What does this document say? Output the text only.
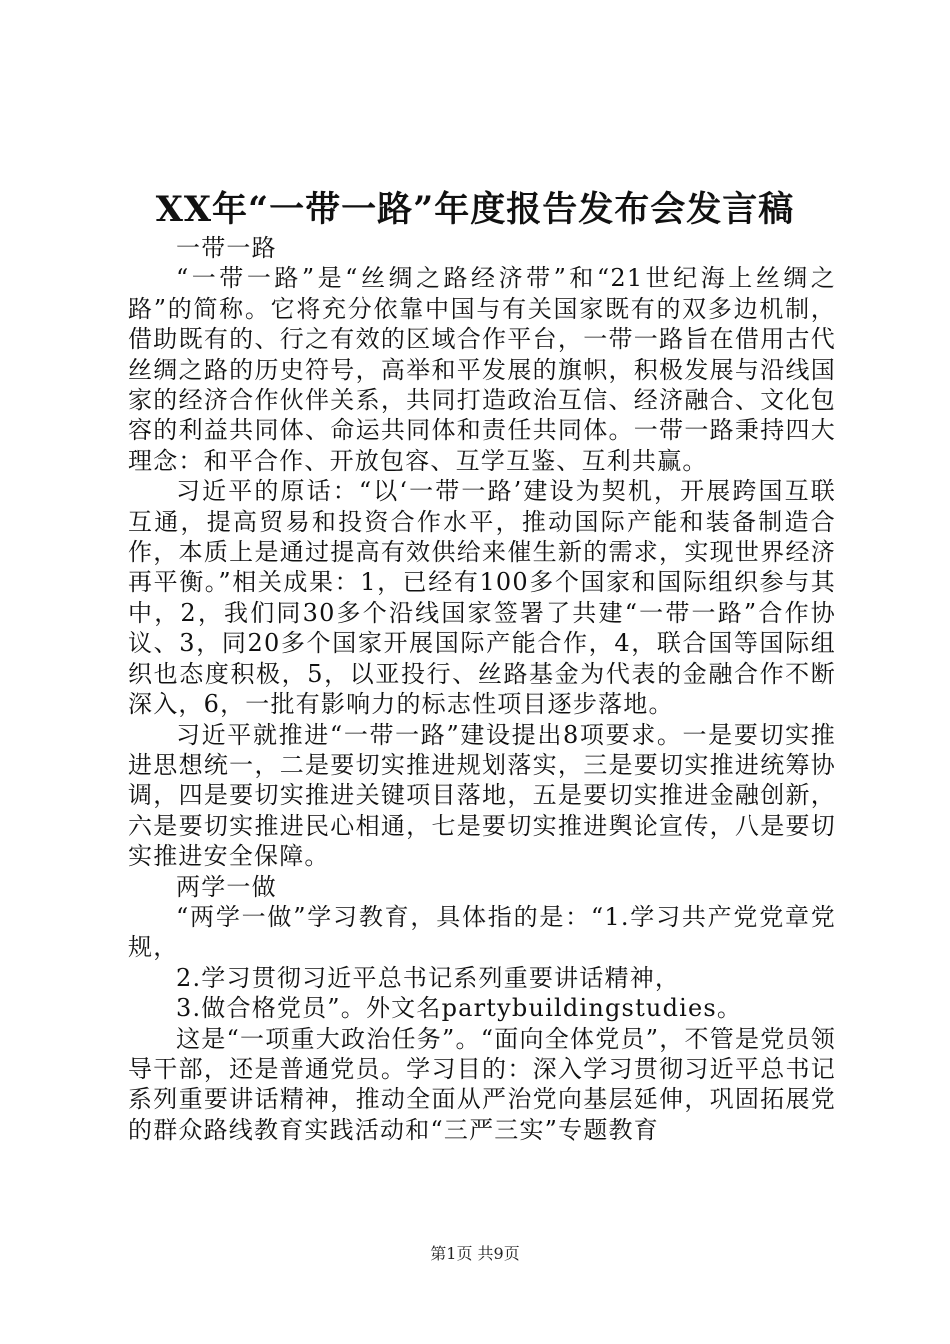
XX年“一带一路”年度报告发布会发言稿

一带一路

“一带一路”是“丝绸之路经济带”和“21世纪海上丝绸之路”的简称。它将充分依靠中国与有关国家既有的双多边机制，借助既有的、行之有效的区域合作平台，一带一路旨在借用古代丝绸之路的历史符号，高举和平发展的旗帜，积极发展与沿线国家的经济合作伙伴关系，共同打造政治互信、经济融合、文化包容的利益共同体、命运共同体和责任共同体。一带一路秉持四大理念：和平合作、开放包容、互学互鉴、互利共赢。

习近平的原话：“以‘一带一路’建设为契机，开展跨国互联互通，提高贸易和投资合作水平，推动国际产能和装备制造合作，本质上是通过提高有效供给来催生新的需求，实现世界经济再平衡。”相关成果：1，已经有100多个国家和国际组织参与其中，2，我们同30多个沿线国家签署了共建“一带一路”合作协议、3，同20多个国家开展国际产能合作，4，联合国等国际组织也态度积极，5，以亚投行、丝路基金为代表的金融合作不断深入，6，一批有影响力的标志性项目逐步落地。

习近平就推进“一带一路”建设提出8项要求。一是要切实推进思想统一，二是要切实推进规划落实，三是要切实推进统筹协调，四是要切实推进关键项目落地，五是要切实推进金融创新，六是要切实推进民心相通，七是要切实推进舆论宣传，八是要切实推进安全保障。

两学一做

“两学一做”学习教育，具体指的是：“1.学习共产党党章党规，

2.学习贯彻习近平总书记系列重要讲话精神，

3.做合格党员”。外文名partybuildingstudies。

这是“一项重大政治任务”。“面向全体党员”，不管是党员领导干部，还是普通党员。学习目的：深入学习贯彻习近平总书记系列重要讲话精神，推动全面从严治党向基层延伸，巩固拓展党的群众路线教育实践活动和“三严三实”专题教育

第1页 共9页
